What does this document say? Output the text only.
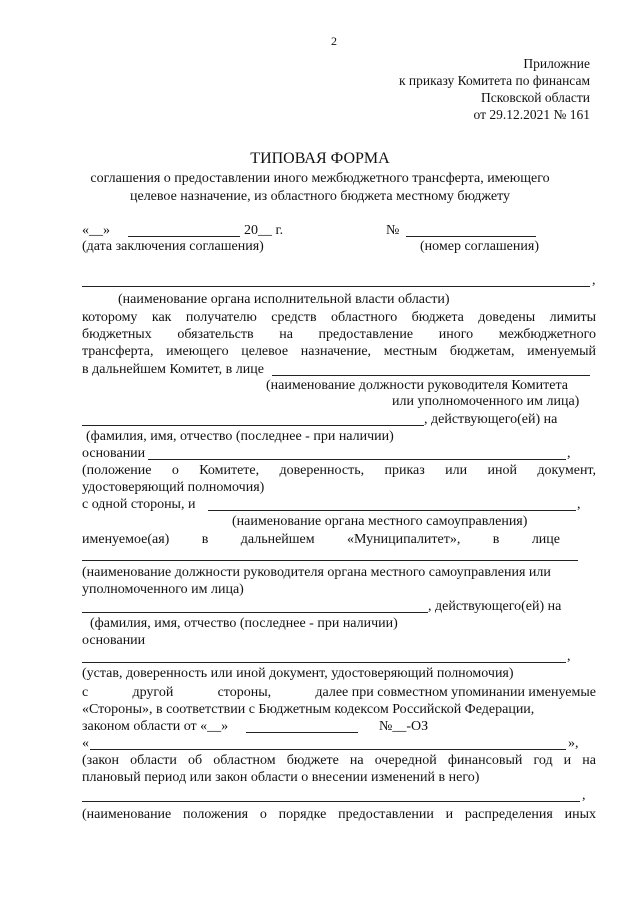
2
Приложние
к приказу Комитета по финансам
Псковской области
от 29.12.2021 № 161
ТИПОВАЯ ФОРМА
соглашения о предоставлении иного межбюджетного трансферта, имеющего
целевое назначение, из областного бюджета местному бюджету
«__»	20__ г.	№
(дата заключения соглашения)	(номер соглашения)
,
(наименование органа исполнительной власти области)
которому как получателю средств областного бюджета доведены лимиты
бюджетных обязательств на предоставление иного межбюджетного
трансферта, имеющего целевое назначение, местным бюджетам, именуемый
в дальнейшем Комитет, в лице
(наименование должности руководителя Комитета
или уполномоченного им лица)
, действующего(ей) на
(фамилия, имя, отчество (последнее - при наличии)
основании	,
(положение о Комитете, доверенность, приказ или иной документ,
удостоверяющий полномочия)
с одной стороны, и	,
(наименование органа местного самоуправления)
именуемое(ая) в дальнейшем «Муниципалитет», в лице
(наименование должности руководителя органа местного самоуправления или
уполномоченного им лица)
, действующего(ей) на
(фамилия, имя, отчество (последнее - при наличии)
основании
,
(устав, доверенность или иной документ, удостоверяющий полномочия)
с	другой	стороны,	далее при совместном упоминании именуемые
«Стороны», в соответствии с Бюджетным кодексом Российской Федерации,
законом области от «__»	№__-ОЗ
«	»,
(закон области об областном бюджете на очередной финансовый год и на
плановый период или закон области о внесении изменений в него)
,
(наименование положения о порядке предоставлении и распределения иных
